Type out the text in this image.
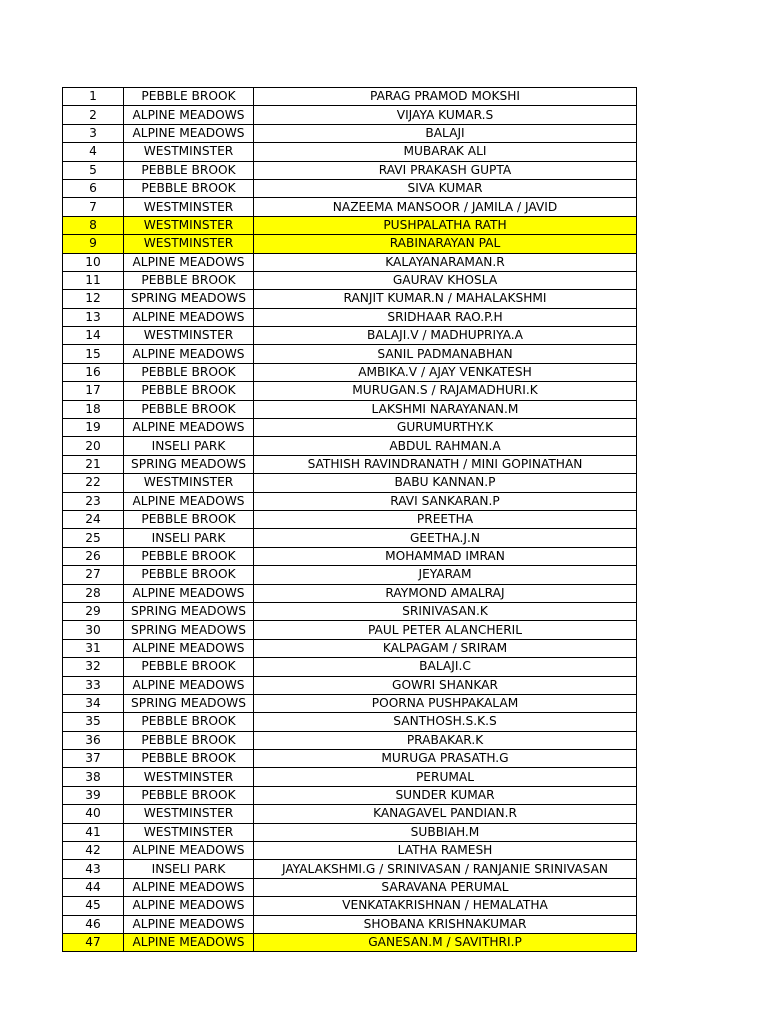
1	PEBBLE BROOK	PARAG PRAMOD MOKSHI
2	ALPINE MEADOWS	VIJAYA KUMAR.S
3	ALPINE MEADOWS	BALAJI
4	WESTMINSTER	MUBARAK ALI
5	PEBBLE BROOK	RAVI PRAKASH GUPTA
6	PEBBLE BROOK	SIVA KUMAR
7	WESTMINSTER	NAZEEMA MANSOOR / JAMILA / JAVID
8	WESTMINSTER	PUSHPALATHA RATH
9	WESTMINSTER	RABINARAYAN PAL
10	ALPINE MEADOWS	KALAYANARAMAN.R
11	PEBBLE BROOK	GAURAV KHOSLA
12	SPRING MEADOWS	RANJIT KUMAR.N / MAHALAKSHMI
13	ALPINE MEADOWS	SRIDHAAR RAO.P.H
14	WESTMINSTER	BALAJI.V / MADHUPRIYA.A
15	ALPINE MEADOWS	SANIL PADMANABHAN
16	PEBBLE BROOK	AMBIKA.V / AJAY VENKATESH
17	PEBBLE BROOK	MURUGAN.S / RAJAMADHURI.K
18	PEBBLE BROOK	LAKSHMI NARAYANAN.M
19	ALPINE MEADOWS	GURUMURTHY.K
20	INSELI PARK	ABDUL RAHMAN.A
21	SPRING MEADOWS	SATHISH RAVINDRANATH / MINI GOPINATHAN
22	WESTMINSTER	BABU KANNAN.P
23	ALPINE MEADOWS	RAVI SANKARAN.P
24	PEBBLE BROOK	PREETHA
25	INSELI PARK	GEETHA.J.N
26	PEBBLE BROOK	MOHAMMAD IMRAN
27	PEBBLE BROOK	JEYARAM
28	ALPINE MEADOWS	RAYMOND AMALRAJ
29	SPRING MEADOWS	SRINIVASAN.K
30	SPRING MEADOWS	PAUL PETER ALANCHERIL
31	ALPINE MEADOWS	KALPAGAM / SRIRAM
32	PEBBLE BROOK	BALAJI.C
33	ALPINE MEADOWS	GOWRI SHANKAR
34	SPRING MEADOWS	POORNA PUSHPAKALAM
35	PEBBLE BROOK	SANTHOSH.S.K.S
36	PEBBLE BROOK	PRABAKAR.K
37	PEBBLE BROOK	MURUGA PRASATH.G
38	WESTMINSTER	PERUMAL
39	PEBBLE BROOK	SUNDER KUMAR
40	WESTMINSTER	KANAGAVEL PANDIAN.R
41	WESTMINSTER	SUBBIAH.M
42	ALPINE MEADOWS	LATHA RAMESH
43	INSELI PARK	JAYALAKSHMI.G / SRINIVASAN / RANJANIE SRINIVASAN
44	ALPINE MEADOWS	SARAVANA PERUMAL
45	ALPINE MEADOWS	VENKATAKRISHNAN / HEMALATHA
46	ALPINE MEADOWS	SHOBANA KRISHNAKUMAR
47	ALPINE MEADOWS	GANESAN.M / SAVITHRI.P
